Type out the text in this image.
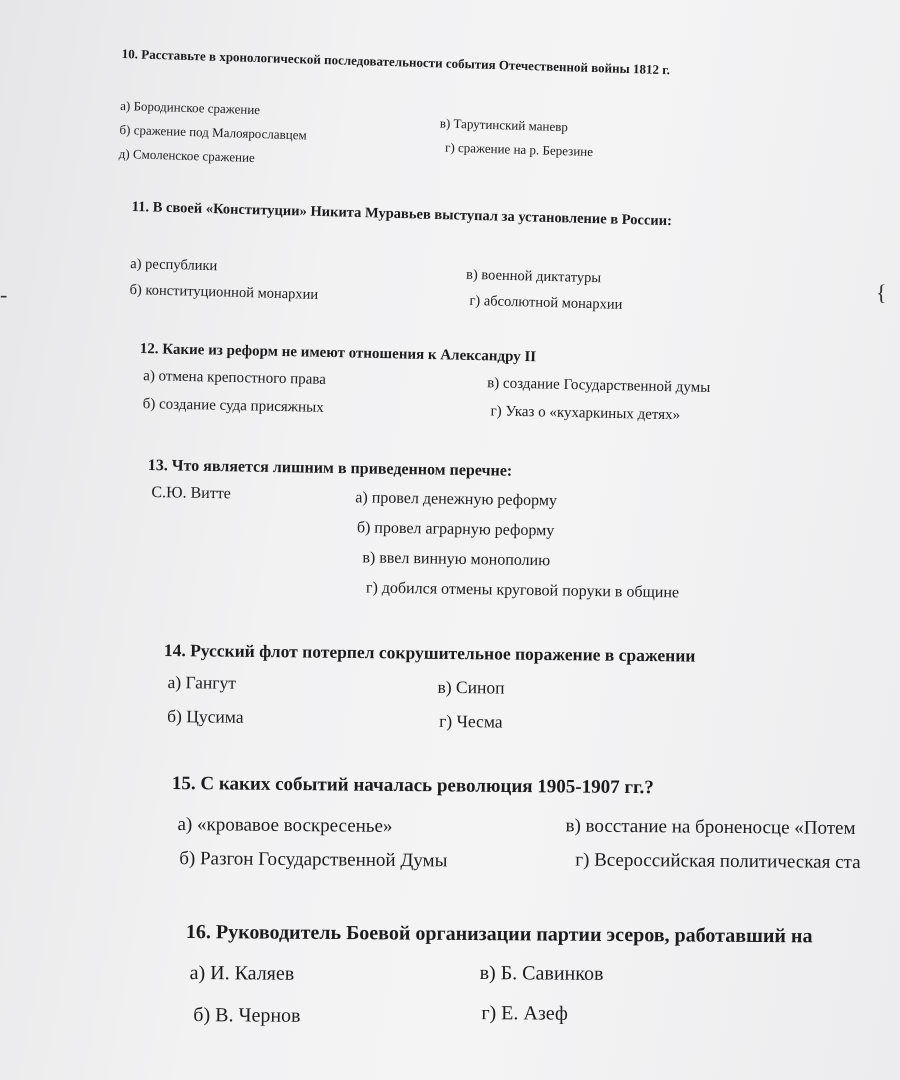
-	{
10. Расставьте в хронологической последовательности события Отечественной войны 1812 г.
а) Бородинское сражение
б) сражение под Малоярославцем
д) Смоленское сражение
в) Тарутинский маневр
г) сражение на р. Березине
11. В своей «Конституции» Никита Муравьев выступал за установление в России:
а) республики
б) конституционной монархии
в) военной диктатуры
г) абсолютной монархии
12. Какие из реформ не имеют отношения к Александру II
а) отмена крепостного права
б) создание суда присяжных
в) создание Государственной думы
г) Указ о «кухаркиных детях»
13. Что является лишним в приведенном перечне:
С.Ю. Витте	а) провел денежную реформу
б) провел аграрную реформу
в) ввел винную монополию
г) добился отмены круговой поруки в общине
14. Русский флот потерпел сокрушительное поражение в сражении
а) Гангут
б) Цусима
в) Синоп
г) Чесма
15. С каких событий началась революция 1905-1907 гг.?
а) «кровавое воскресенье»
б) Разгон Государственной Думы
в) восстание на броненосце «Потем
г) Всероссийская политическая ста
16. Руководитель Боевой организации партии эсеров, работавший на
а) И. Каляев
б) В. Чернов
в) Б. Савинков
г) Е. Азеф
